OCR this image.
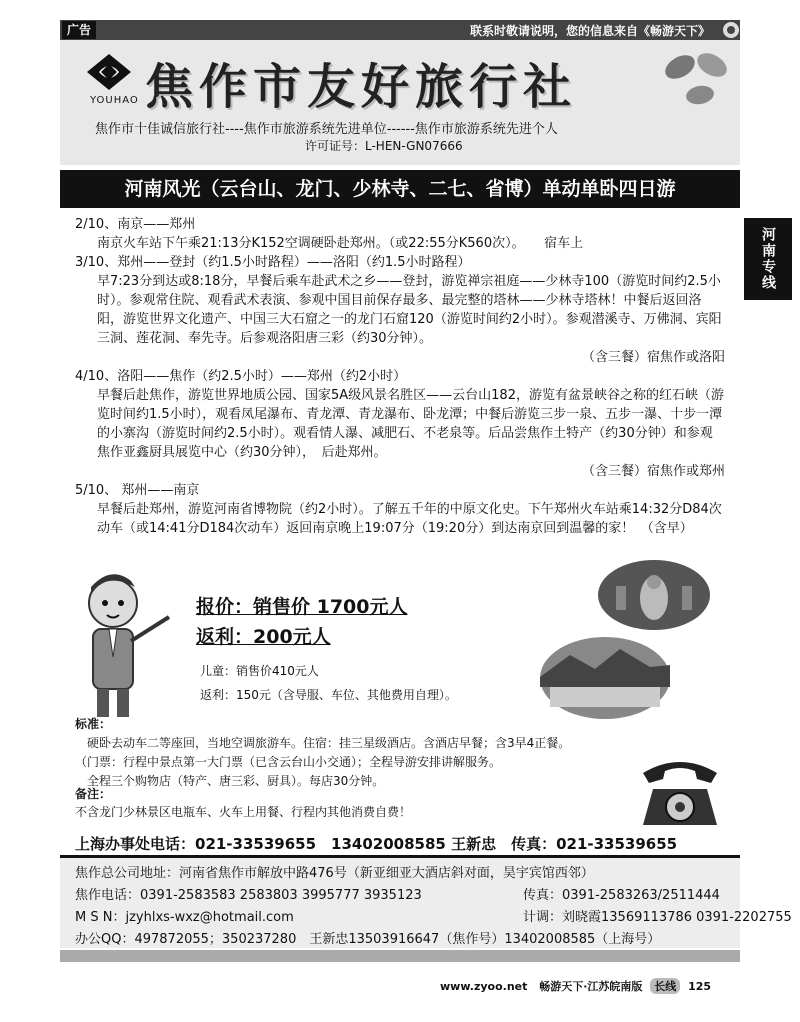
广告	联系时敬请说明，您的信息来自《畅游天下》
YOUHAO 焦作市友好旅行社
焦作市十佳诚信旅行社----焦作市旅游系统先进单位------焦作市旅游系统先进个人
许可证号：L-HEN-GN07666
河南风光（云台山、龙门、少林寺、二七、省博）单动单卧四日游
河南专线
2/10、南京——郑州
南京火车站下午乘21:13分K152空调硬卧赴郑州。（或22:55分K560次）。　　宿车上
3/10、郑州——登封（约1.5小时路程）——洛阳（约1.5小时路程）
早7:23分到达或8:18分，早餐后乘车赴武术之乡——登封，游览禅宗祖庭——少林寺100（游览时间约2.5小时）。参观常住院、观看武术表演、参观中国目前保存最多、最完整的塔林——少林寺塔林！中餐后返回洛阳，游览世界文化遗产、中国三大石窟之一的龙门石窟120（游览时间约2小时）。参观潜溪寺、万佛洞、宾阳三洞、莲花洞、奉先寺。后参观洛阳唐三彩（约30分钟）。
（含三餐）宿焦作或洛阳
4/10、洛阳——焦作（约2.5小时）——郑州（约2小时）
早餐后赴焦作，游览世界地质公园、国家5A级风景名胜区——云台山182，游览有盆景峡谷之称的红石峡（游览时间约1.5小时），观看凤尾瀑布、青龙潭、青龙瀑布、卧龙潭；中餐后游览三步一泉、五步一瀑、十步一潭的小寨沟（游览时间约2.5小时）。观看情人瀑、减肥石、不老泉等。后品尝焦作土特产（约30分钟）和参观焦作亚鑫厨具展览中心（约30分钟），　后赴郑州。
（含三餐）宿焦作或郑州
5/10、 郑州——南京
早餐后赴郑州，游览河南省博物院（约2小时）。了解五千年的中原文化史。下午郑州火车站乘14:32分D84次动车（或14:41分D184次动车）返回南京晚上19:07分（19:20分）到达南京回到温馨的家！　（含早）
报价：销售价 1700元人
返利：200元人
儿童：销售价410元人
返利：150元（含导服、车位、其他费用自理）。
标准：
硬卧去动车二等座回，当地空调旅游车。住宿：挂三星级酒店。含酒店早餐；含3早4正餐。
（门票：行程中景点第一大门票（已含云台山小交通）；全程导游安排讲解服务。
全程三个购物店（特产、唐三彩、厨具）。每店30分钟。
备注：
不含龙门少林景区电瓶车、火车上用餐、行程内其他消费自费！
上海办事处电话：021-33539655　13402008585 王新忠　传真：021-33539655
焦作总公司地址：河南省焦作市解放中路476号（新亚细亚大酒店斜对面，昊宇宾馆西邻）
焦作电话：0391-2583583 2583803 3995777 3935123	传真：0391-2583263/2511444
M S N：jzyhlxs-wxz@hotmail.com	计调：刘晓霞13569113786 0391-2202755
办公QQ：497872055；350237280　王新忠13503916647（焦作号）13402008585（上海号）
www.zyoo.net 畅游天下·江苏皖南版 长线 125
